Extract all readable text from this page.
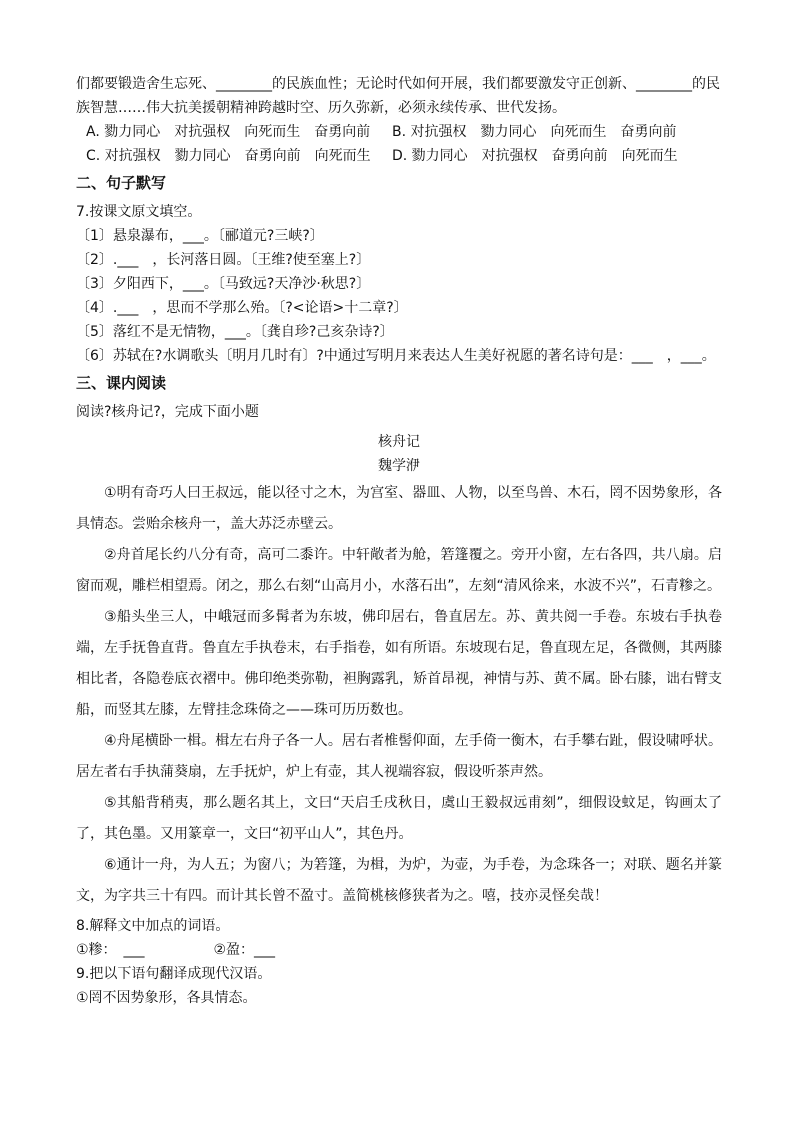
们都要锻造舍生忘死、________的民族血性；无论时代如何开展，我们都要激发守正创新、________的民

族智慧……伟大抗美援朝精神跨越时空、历久弥新，必须永续传承、世代发扬。

A. 勠力同心　对抗强权　向死而生　奋勇向前	B. 对抗强权　勠力同心　向死而生　奋勇向前
C. 对抗强权　勠力同心　奋勇向前　向死而生	D. 勠力同心　对抗强权　奋勇向前　向死而生
二、句子默写

7.按课文原文填空。

〔1〕悬泉瀑布，___。〔郦道元?三峡?〕

〔2〕.___　，长河落日圆。〔王维?使至塞上?〕

〔3〕夕阳西下，___。〔马致远?天净沙·秋思?〕

〔4〕.___　，思而不学那么殆。〔?<论语>十二章?〕

〔5〕落红不是无情物，___。〔龚自珍?己亥杂诗?〕

〔6〕苏轼在?水调歌头〔明月几时有〕?中通过写明月来表达人生美好祝愿的著名诗句是：___　，___。

三、课内阅读

阅读?核舟记?，完成下面小题

核舟记

魏学洢

①明有奇巧人曰王叔远，能以径寸之木，为宫室、器皿、人物，以至鸟兽、木石，罔不因势象形，各具情态。尝贻余核舟一，盖大苏泛赤壁云。

②舟首尾长约八分有奇，高可二黍许。中轩敞者为舱，箬篷覆之。旁开小窗，左右各四，共八扇。启窗而观，雕栏相望焉。闭之，那么右刻“山高月小，水落石出”，左刻“清风徐来，水波不兴”，石青糁之。

③船头坐三人，中峨冠而多髯者为东坡，佛印居右，鲁直居左。苏、黄共阅一手卷。东坡右手执卷端，左手抚鲁直背。鲁直左手执卷末，右手指卷，如有所语。东坡现右足，鲁直现左足，各微侧，其两膝相比者，各隐卷底衣褶中。佛印绝类弥勒，袒胸露乳，矫首昂视，神情与苏、黄不属。卧右膝，诎右臂支船，而竖其左膝，左臂挂念珠倚之——珠可历历数也。

④舟尾横卧一楫。楫左右舟子各一人。居右者椎髻仰面，左手倚一衡木，右手攀右趾，假设啸呼状。居左者右手执蒲葵扇，左手抚炉，炉上有壶，其人视端容寂，假设听茶声然。

⑤其船背稍夷，那么题名其上，文曰“天启壬戌秋日，虞山王毅叔远甫刻”，细假设蚊足，钩画太了了，其色墨。又用篆章一，文曰“初平山人”，其色丹。

⑥通计一舟，为人五；为窗八；为箬篷，为楫，为炉，为壶，为手卷，为念珠各一；对联、题名并篆文，为字共三十有四。而计其长曾不盈寸。盖简桃核修狭者为之。嘻，技亦灵怪矣哉！

8.解释文中加点的词语。

①糁：　___	②盈：___

9.把以下语句翻译成现代汉语。

①罔不因势象形，各具情态。
